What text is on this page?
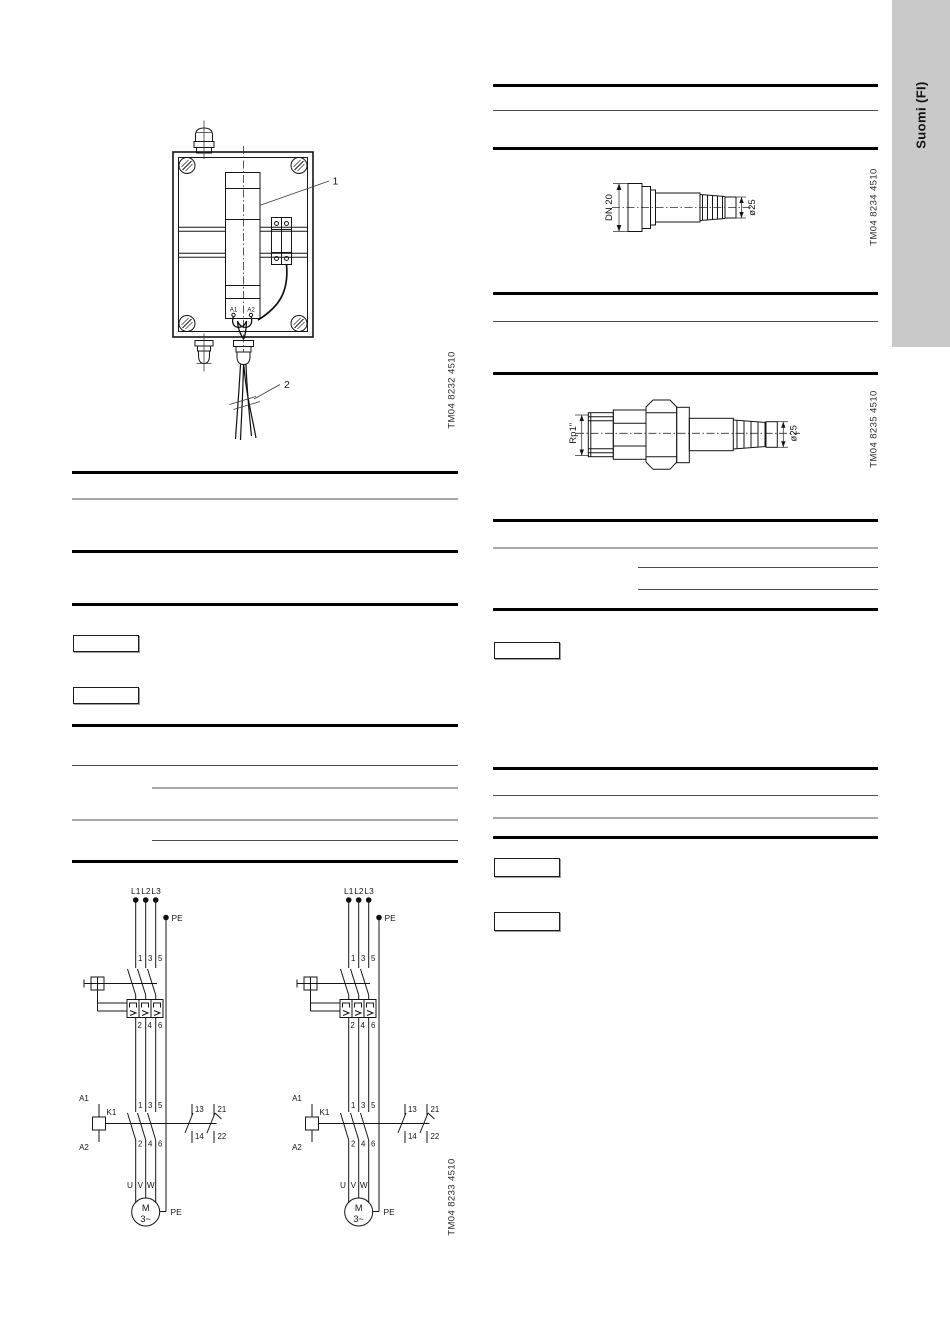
Suomi (FI)
A1 A2
1
2	TM04 8232 4510
DN 20	ø25	TM04 8234 4510
Rp1"	ø25	TM04 8235 4510
L1 L2 L3
PE
1 3 5
2 4 6
A1
K1
A2
1 3 5
2 4 6
13
14
21
22
U V W
M
3~
PE
L1 L2 L3
PE
1 3 5
2 4 6
A1
K1
A2
1 3 5
2 4 6
13
14
21
22
U V W
M
3~
PE	TM04 8233 4510
